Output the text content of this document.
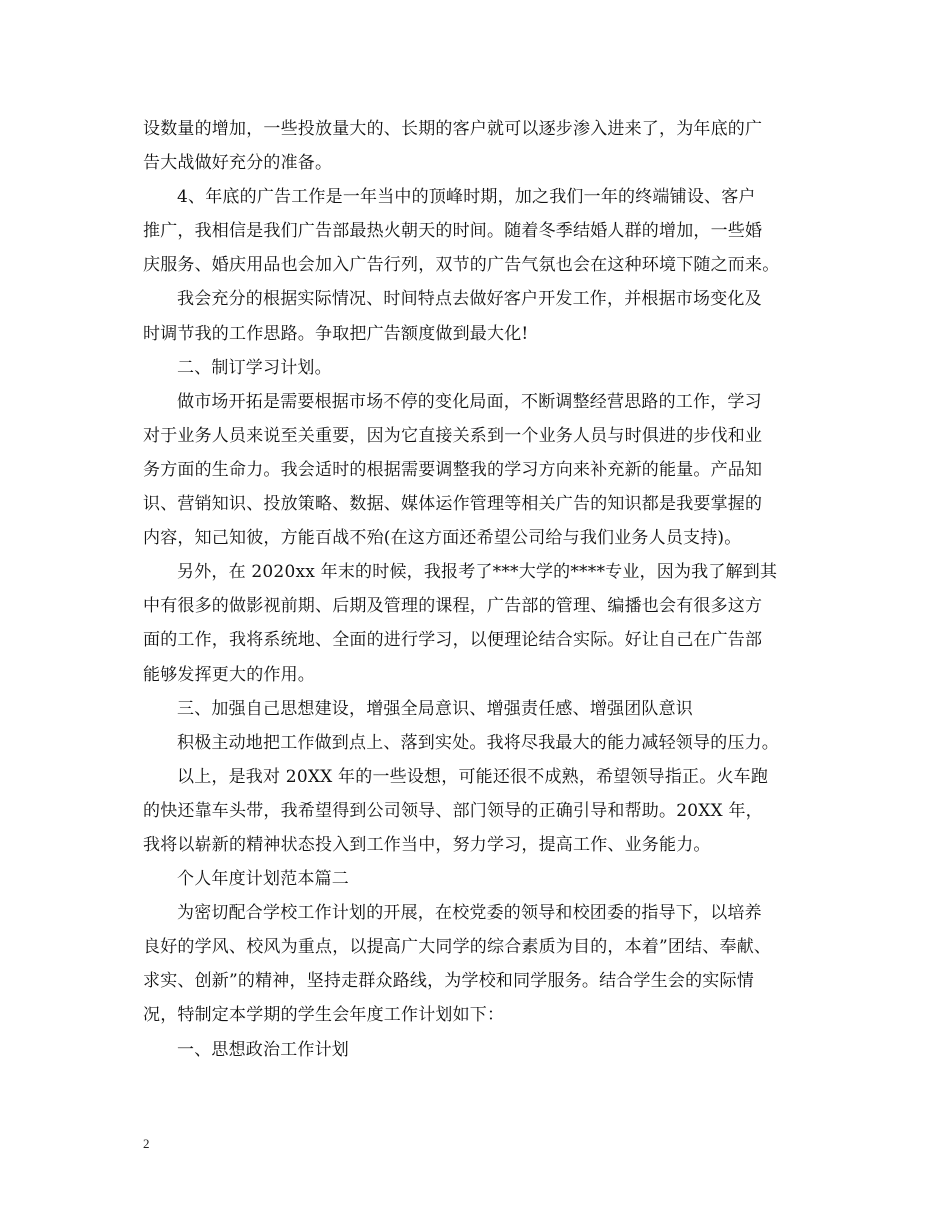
设数量的增加，一些投放量大的、长期的客户就可以逐步渗入进来了，为年底的广
告大战做好充分的准备。
4、年底的广告工作是一年当中的顶峰时期，加之我们一年的终端铺设、客户
推广，我相信是我们广告部最热火朝天的时间。随着冬季结婚人群的增加，一些婚
庆服务、婚庆用品也会加入广告行列，双节的广告气氛也会在这种环境下随之而来。
我会充分的根据实际情况、时间特点去做好客户开发工作，并根据市场变化及
时调节我的工作思路。争取把广告额度做到最大化!
二、制订学习计划。
做市场开拓是需要根据市场不停的变化局面，不断调整经营思路的工作，学习
对于业务人员来说至关重要，因为它直接关系到一个业务人员与时俱进的步伐和业
务方面的生命力。我会适时的根据需要调整我的学习方向来补充新的能量。产品知
识、营销知识、投放策略、数据、媒体运作管理等相关广告的知识都是我要掌握的
内容，知己知彼，方能百战不殆(在这方面还希望公司给与我们业务人员支持)。
另外，在 2020xx 年末的时候，我报考了***大学的****专业，因为我了解到其
中有很多的做影视前期、后期及管理的课程，广告部的管理、编播也会有很多这方
面的工作，我将系统地、全面的进行学习，以便理论结合实际。好让自己在广告部
能够发挥更大的作用。
三、加强自己思想建设，增强全局意识、增强责任感、增强团队意识
积极主动地把工作做到点上、落到实处。我将尽我最大的能力减轻领导的压力。
以上，是我对 20XX 年的一些设想，可能还很不成熟，希望领导指正。火车跑
的快还靠车头带，我希望得到公司领导、部门领导的正确引导和帮助。20XX 年，
我将以崭新的精神状态投入到工作当中，努力学习，提高工作、业务能力。
个人年度计划范本篇二
为密切配合学校工作计划的开展，在校党委的领导和校团委的指导下，以培养
良好的学风、校风为重点，以提高广大同学的综合素质为目的，本着”团结、奉献、
求实、创新”的精神，坚持走群众路线，为学校和同学服务。结合学生会的实际情
况，特制定本学期的学生会年度工作计划如下：
一、思想政治工作计划
2
